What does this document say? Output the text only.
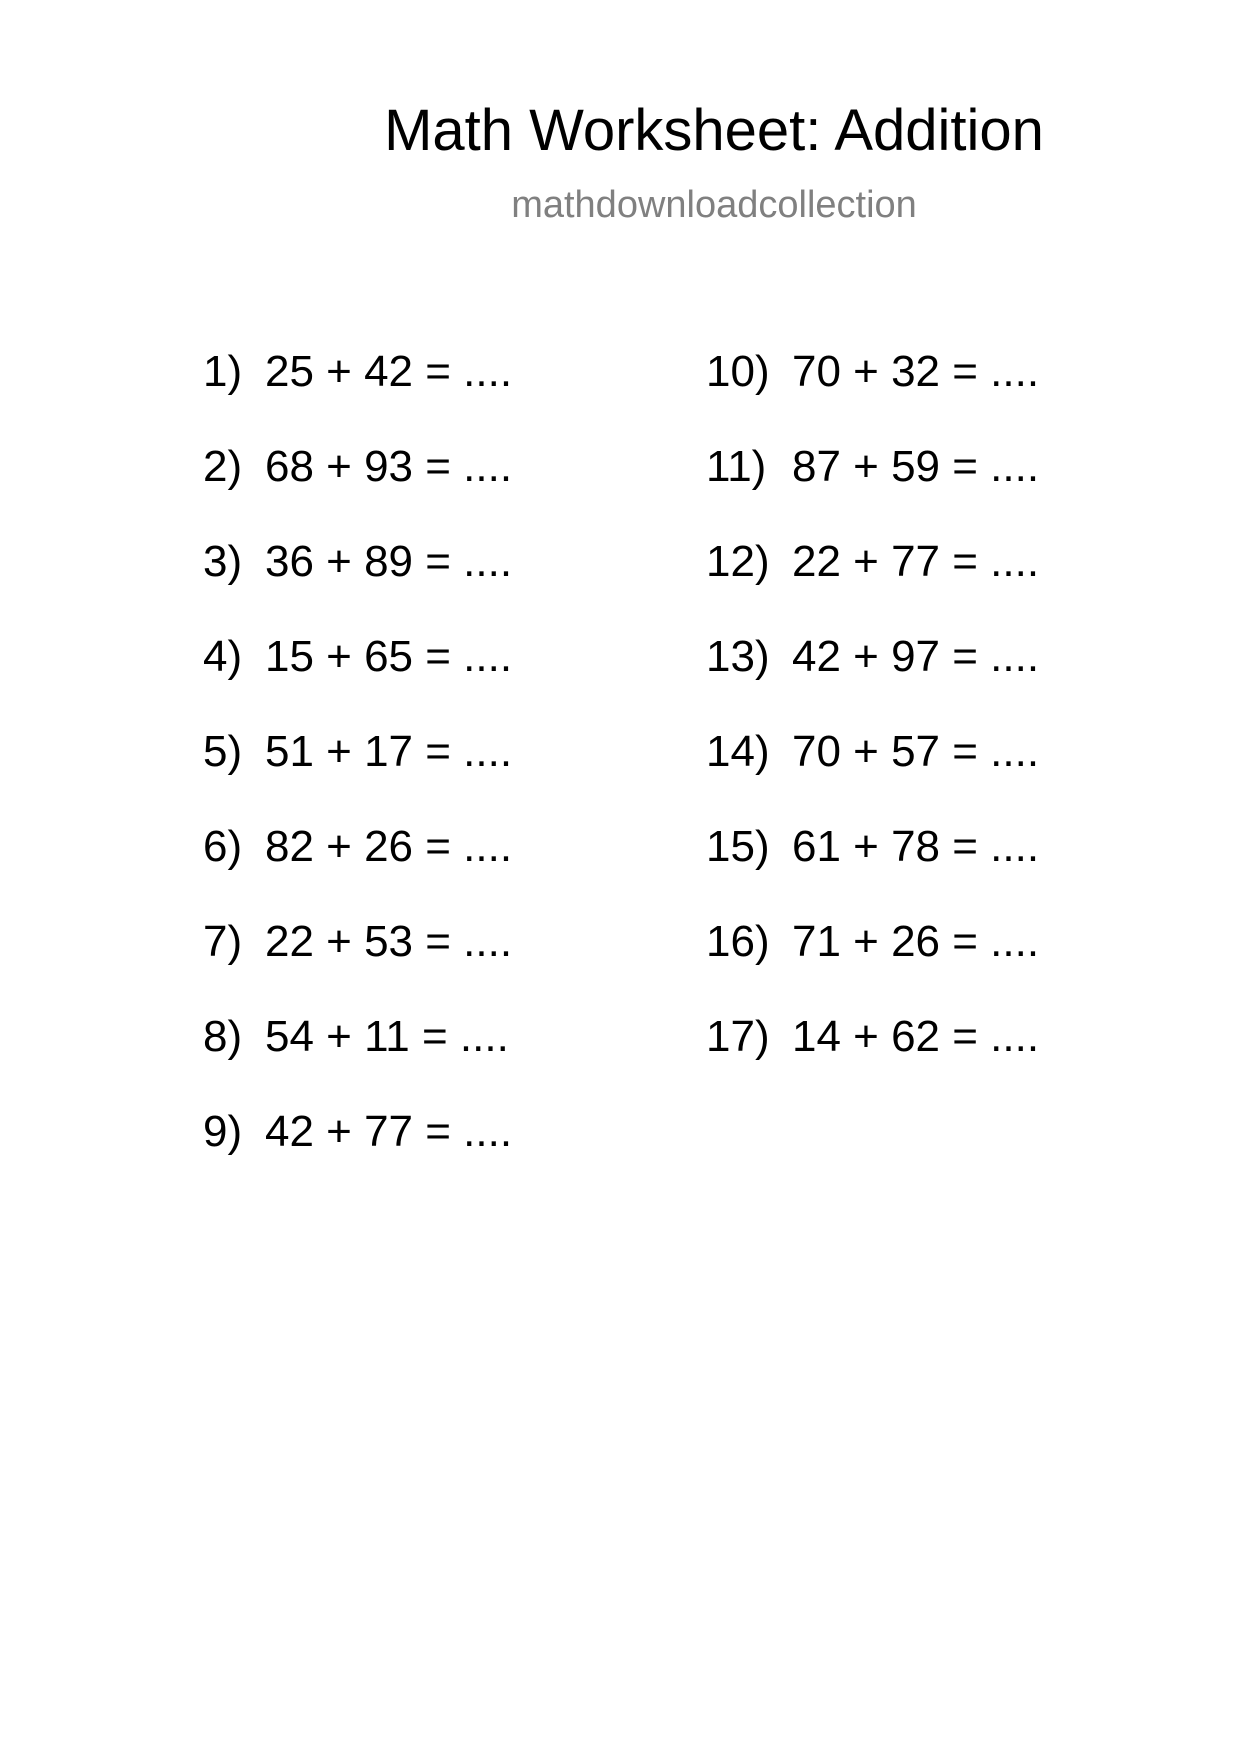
Math Worksheet: Addition
mathdownloadcollection
1) 25 + 42 = ....
2) 68 + 93 = ....
3) 36 + 89 = ....
4) 15 + 65 = ....
5) 51 + 17 = ....
6) 82 + 26 = ....
7) 22 + 53 = ....
8) 54 + 11 = ....
9) 42 + 77 = ....
10) 70 + 32 = ....
11) 87 + 59 = ....
12) 22 + 77 = ....
13) 42 + 97 = ....
14) 70 + 57 = ....
15) 61 + 78 = ....
16) 71 + 26 = ....
17) 14 + 62 = ....
